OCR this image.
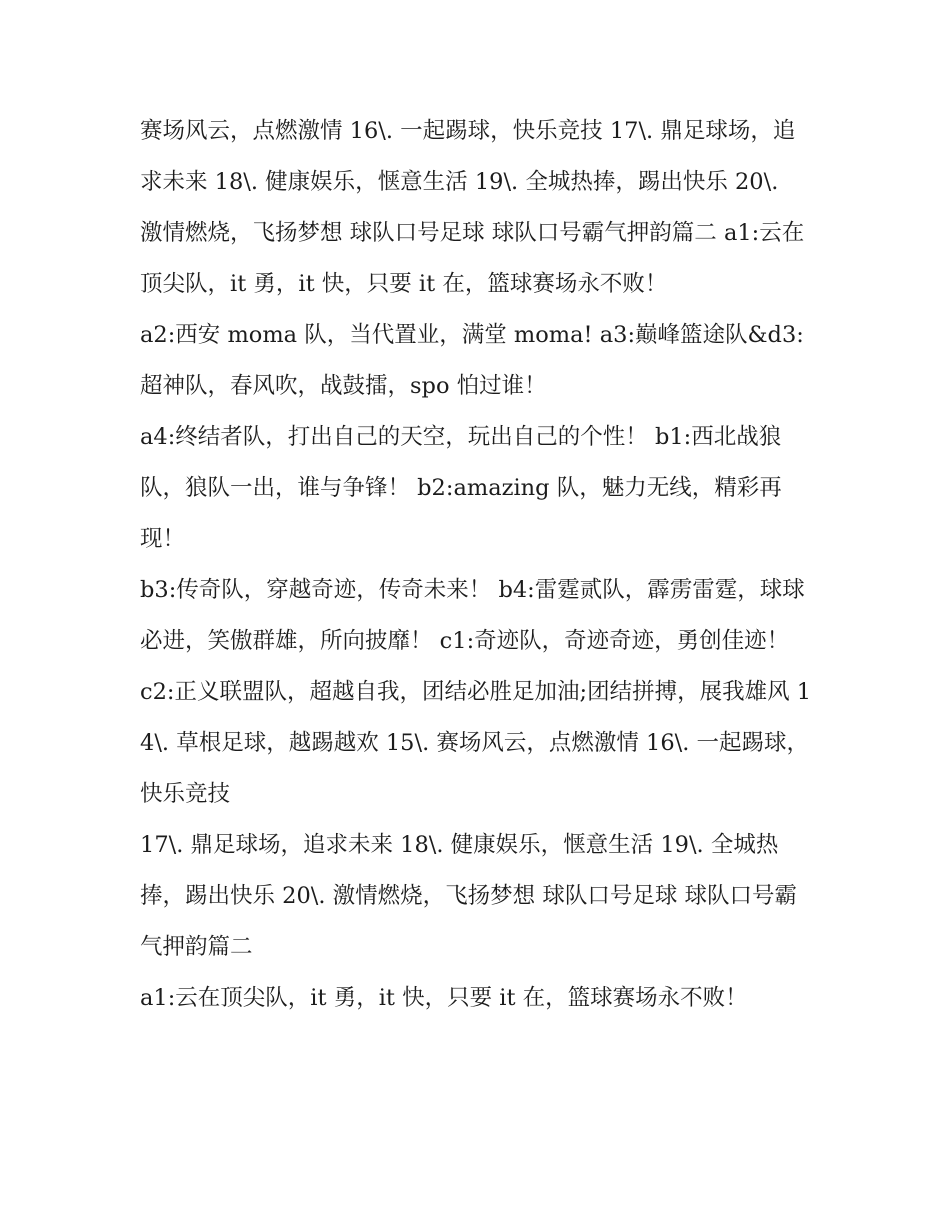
赛场风云，点燃激情 16\. 一起踢球，快乐竞技 17\. 鼎足球场，追求未来 18\. 健康娱乐，惬意生活 19\. 全城热捧，踢出快乐 20\.

激情燃烧，飞扬梦想 球队口号足球 球队口号霸气押韵篇二 a1:云在顶尖队，it 勇，it 快，只要 it 在，篮球赛场永不败！

a2:西安 moma 队，当代置业，满堂 moma! a3:巅峰篮途队&d3:超神队，春风吹，战鼓擂，spo 怕过谁！

a4:终结者队，打出自己的天空，玩出自己的个性！ b1:西北战狼队，狼队一出，谁与争锋！ b2:amazing 队，魅力无线，精彩再现！

b3:传奇队，穿越奇迹，传奇未来！ b4:雷霆贰队，霹雳雷霆，球球必进，笑傲群雄，所向披靡！ c1:奇迹队，奇迹奇迹，勇创佳迹！

c2:正义联盟队，超越自我，团结必胜足加油;团结拼搏，展我雄风 14\. 草根足球，越踢越欢 15\. 赛场风云，点燃激情 16\. 一起踢球，快乐竞技

17\. 鼎足球场，追求未来 18\. 健康娱乐，惬意生活 19\. 全城热捧，踢出快乐 20\. 激情燃烧，飞扬梦想 球队口号足球 球队口号霸气押韵篇二

a1:云在顶尖队，it 勇，it 快，只要 it 在，篮球赛场永不败！
